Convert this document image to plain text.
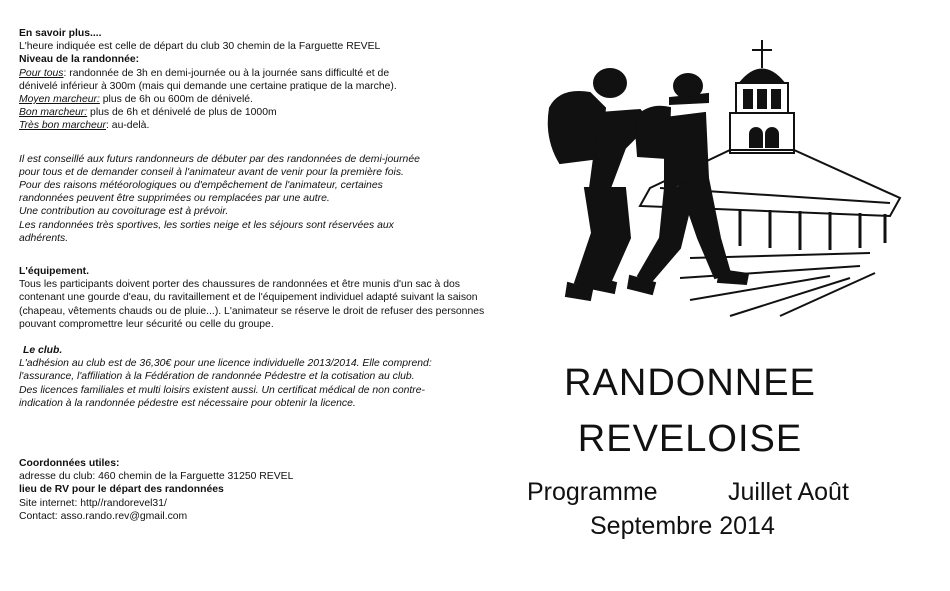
En savoir plus....

L'heure indiquée est celle de départ du club 30 chemin de la Farguette REVEL

Niveau de la randonnée:

Pour tous: randonnée de 3h en demi-journée ou à la journée sans difficulté et de

dénivelé inférieur à 300m (mais qui demande une certaine pratique de la marche).

Moyen marcheur: plus de 6h ou 600m de dénivelé.

Bon marcheur: plus de 6h et dénivelé de plus de 1000m

Très bon marcheur: au-delà.

Il est conseillé aux futurs randonneurs de débuter par des randonnées de demi-journée

pour tous et de demander conseil à l'animateur avant de venir pour la première fois.

Pour des raisons météorologiques ou d'empêchement de l'animateur, certaines

randonnées peuvent être supprimées ou remplacées par une autre.

Une contribution au covoiturage est à prévoir.

Les randonnées très sportives, les sorties neige et les séjours sont réservées aux

adhérents.

L'équipement.

Tous les participants doivent porter des chaussures de randonnées et être munis d'un sac à dos

contenant une gourde d'eau, du ravitaillement et de l'équipement individuel adapté suivant la saison

(chapeau, vêtements chauds ou de pluie...). L'animateur se réserve le droit de refuser des personnes

pouvant compromettre leur sécurité ou celle du groupe.

Le club.

L'adhésion au club est de 36,30€ pour une licence individuelle 2013/2014. Elle comprend:

l'assurance, l'affiliation à la Fédération de randonnée Pédestre et la cotisation au club.

Des licences familiales et multi loisirs existent aussi. Un certificat médical de non contre-

indication à la randonnée pédestre est nécessaire pour obtenir la licence.

Coordonnées utiles:

adresse du club: 460 chemin de la Farguette 31250 REVEL

lieu de RV pour le départ des randonnées

Site internet: http//randorevel31/

Contact: asso.rando.rev@gmail.com

RANDONNEE
REVELOISE
Programme	Juillet Août
Septembre 2014
